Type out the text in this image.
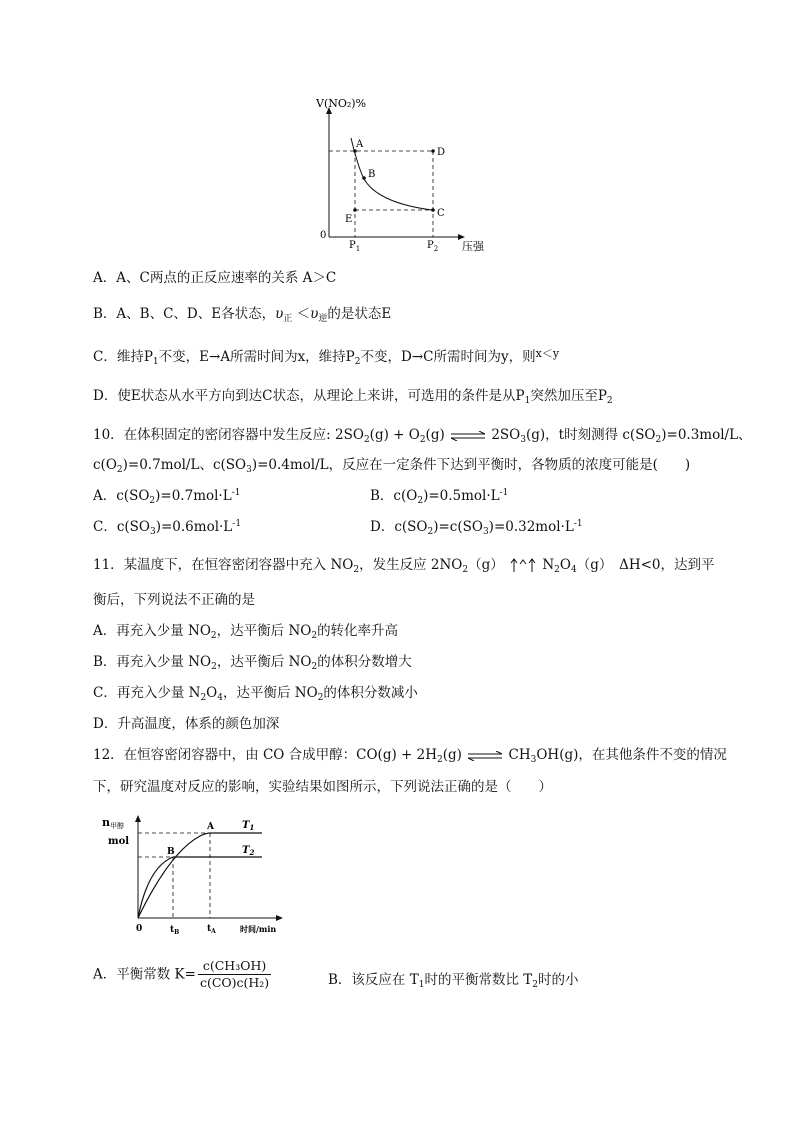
V(NO₂)%
0
A
B
C
D
E
$P_1$	$P_2$ 压强
A．A、C两点的正反应速率的关系 A＞C
B．A、B、C、D、E各状态，$\upsilon_正 <\upsilon_逆$的是状态E
C．维持$P_1$不变，E→A所需时间为x，维持$P_2$不变，D→C所需时间为y，则$^{x<y}$
D．使E状态从水平方向到达C状态，从理论上来讲，可选用的条件是从$P_1$突然加压至$P_2$
10．在体积固定的密闭容器中发生反应: $2SO_2(g) + O_2(g)$ ⇌ $2SO_3(g)$，t时刻测得 $c(SO_2)=0.3mol/L$、
$c(O_2)=0.7mol/L$、$c(SO_3)=0.4mol/L$，反应在一定条件下达到平衡时，各物质的浓度可能是(　　)
A．$c(SO_2)=0.7mol\cdot L^{-1}$	B．$c(O_2)=0.5mol\cdot L^{-1}$
C．$c(SO_3)=0.6mol\cdot L^{-1}$	D．$c(SO_2)=c(SO_3)=0.32mol\cdot L^{-1}$
11．某温度下，在恒容密闭容器中充入 $NO_2$，发生反应 $2NO_2(g)$	$N_2O_4(g)$　ΔH<0，达到平
衡后，下列说法不正确的是
A．再充入少量 $NO_2$，达平衡后 $NO_2$的转化率升高
B．再充入少量 $NO_2$，达平衡后 $NO_2$的体积分数增大
C．再充入少量 $N_2O_4$，达平衡后 $NO_2$的体积分数减小
D．升高温度，体系的颜色加深
12．在恒容密闭容器中，由 CO 合成甲醇：$CO(g) + 2H_2(g)$ ⇌ $CH_3OH(g)$，在其他条件不变的情况
下，研究温度对反应的影响，实验结果如图所示，下列说法正确的是（　　）
n甲醇
mol
0
A
B
$T_1$
$T_2$
$t_B$	$t_A$	时间/min
A．平衡常数 $K= \frac{\text{c(CH₃OH)}}{\text{c(CO)c(H₂)}}$	B．该反应在 $T_1$时的平衡常数比 $T_2$时的小
